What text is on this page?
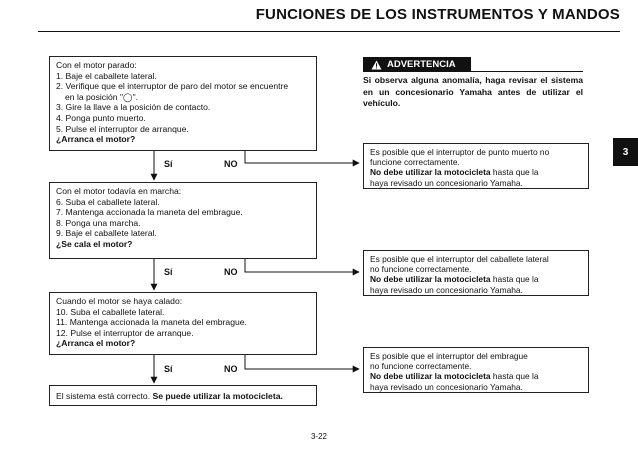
FUNCIONES DE LOS INSTRUMENTOS Y MANDOS
3
Con el motor parado:
1. Baje el caballete lateral.
2. Verifique que el interruptor de paro del motor se encuentre
en la posición "◯".
3. Gire la llave a la posición de contacto.
4. Ponga punto muerto.
5. Pulse el interruptor de arranque.
¿Arranca el motor?
Sí	NO
Con el motor todavía en marcha:
6. Suba el caballete lateral.
7. Mantenga accionada la maneta del embrague.
8. Ponga una marcha.
9. Baje el caballete lateral.
¿Se cala el motor?
Sí	NO
Cuando el motor se haya calado:
10. Suba el caballete lateral.
11. Mantenga accionada la maneta del embrague.
12. Pulse el interruptor de arranque.
¿Arranca el motor?
Sí	NO
El sistema está correcto. Se puede utilizar la motocicleta.
ADVERTENCIA
Si observa alguna anomalía, haga revisar el sistema en un concesionario Yamaha antes de utilizar el vehículo.
Es posible que el interruptor de punto muerto no
funcione correctamente.
No debe utilizar la motocicleta hasta que la
haya revisado un concesionario Yamaha.
Es posible que el interruptor del caballete lateral
no funcione correctamente.
No debe utilizar la motocicleta hasta que la
haya revisado un concesionario Yamaha.
Es posible que el interruptor del embrague
no funcione correctamente.
No debe utilizar la motocicleta hasta que la
haya revisado un concesionario Yamaha.
3-22
